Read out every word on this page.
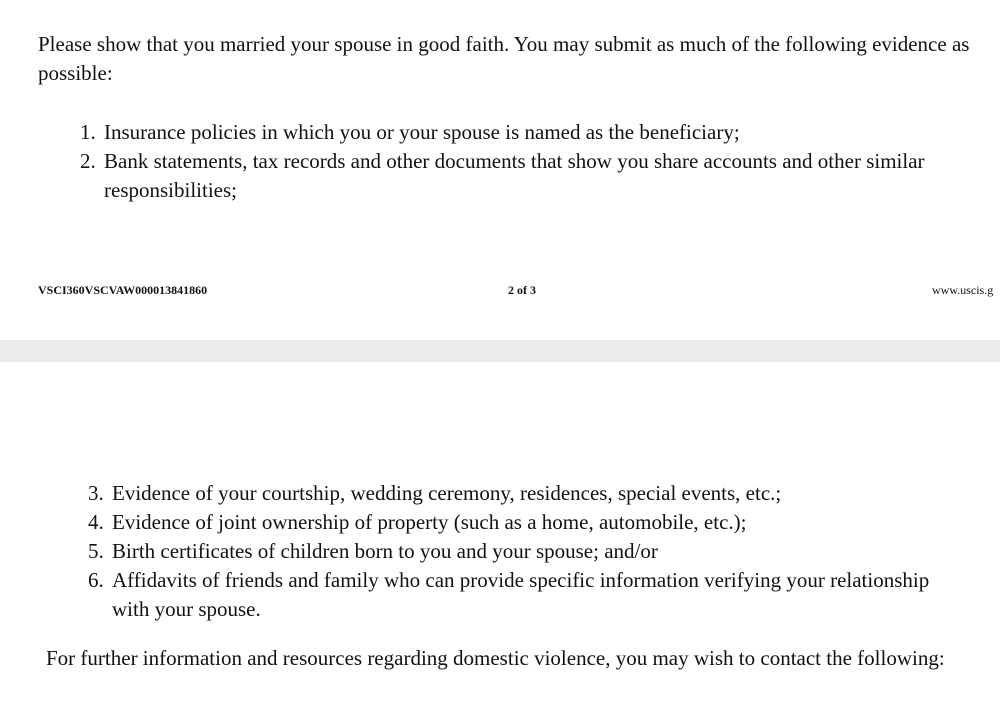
Please show that you married your spouse in good faith. You may submit as much of the following evidence as possible:

1. Insurance policies in which you or your spouse is named as the beneficiary;
2. Bank statements, tax records and other documents that show you share accounts and other similar responsibilities;
VSCI360VSCVAW000013841860	2 of 3	www.uscis.g
3. Evidence of your courtship, wedding ceremony, residences, special events, etc.;
4. Evidence of joint ownership of property (such as a home, automobile, etc.);
5. Birth certificates of children born to you and your spouse; and/or
6. Affidavits of friends and family who can provide specific information verifying your relationship with your spouse.

For further information and resources regarding domestic violence, you may wish to contact the following:
